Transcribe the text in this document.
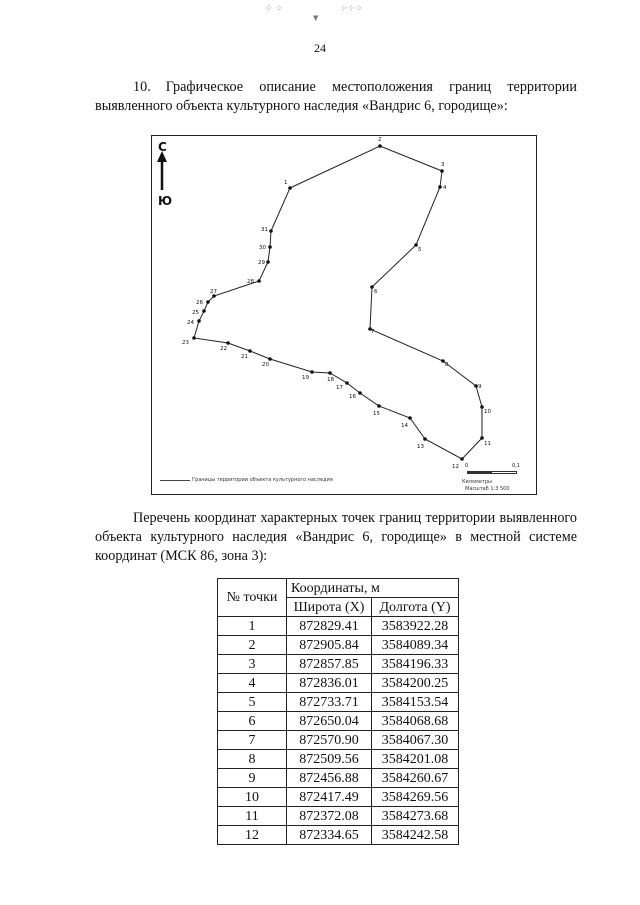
⁘ ⁘	⁘⁘⁘
▼
24
10. Графическое описание местоположения границ территории выявленного объекта культурного наследия «Вандрис 6, городище»:
1
2
3
4
5
6
7
8
9
10
11
12
13
14
15
16
17
18
19
20
21
22
23
24
25
26
27
28
29
30
31
С
Ю
Границы территории объекта культурного наследия
0	0,1
Километры
Масштаб 1:3 500
Перечень координат характерных точек границ территории выявленного объекта культурного наследия «Вандрис 6, городище» в местной системе координат (МСК 86, зона 3):
№ точки	Координаты, м	
	Широта (X)	Долгота (Y)
1	872829.41	3583922.28
2	872905.84	3584089.34
3	872857.85	3584196.33
4	872836.01	3584200.25
5	872733.71	3584153.54
6	872650.04	3584068.68
7	872570.90	3584067.30
8	872509.56	3584201.08
9	872456.88	3584260.67
10	872417.49	3584269.56
11	872372.08	3584273.68
12	872334.65	3584242.58
